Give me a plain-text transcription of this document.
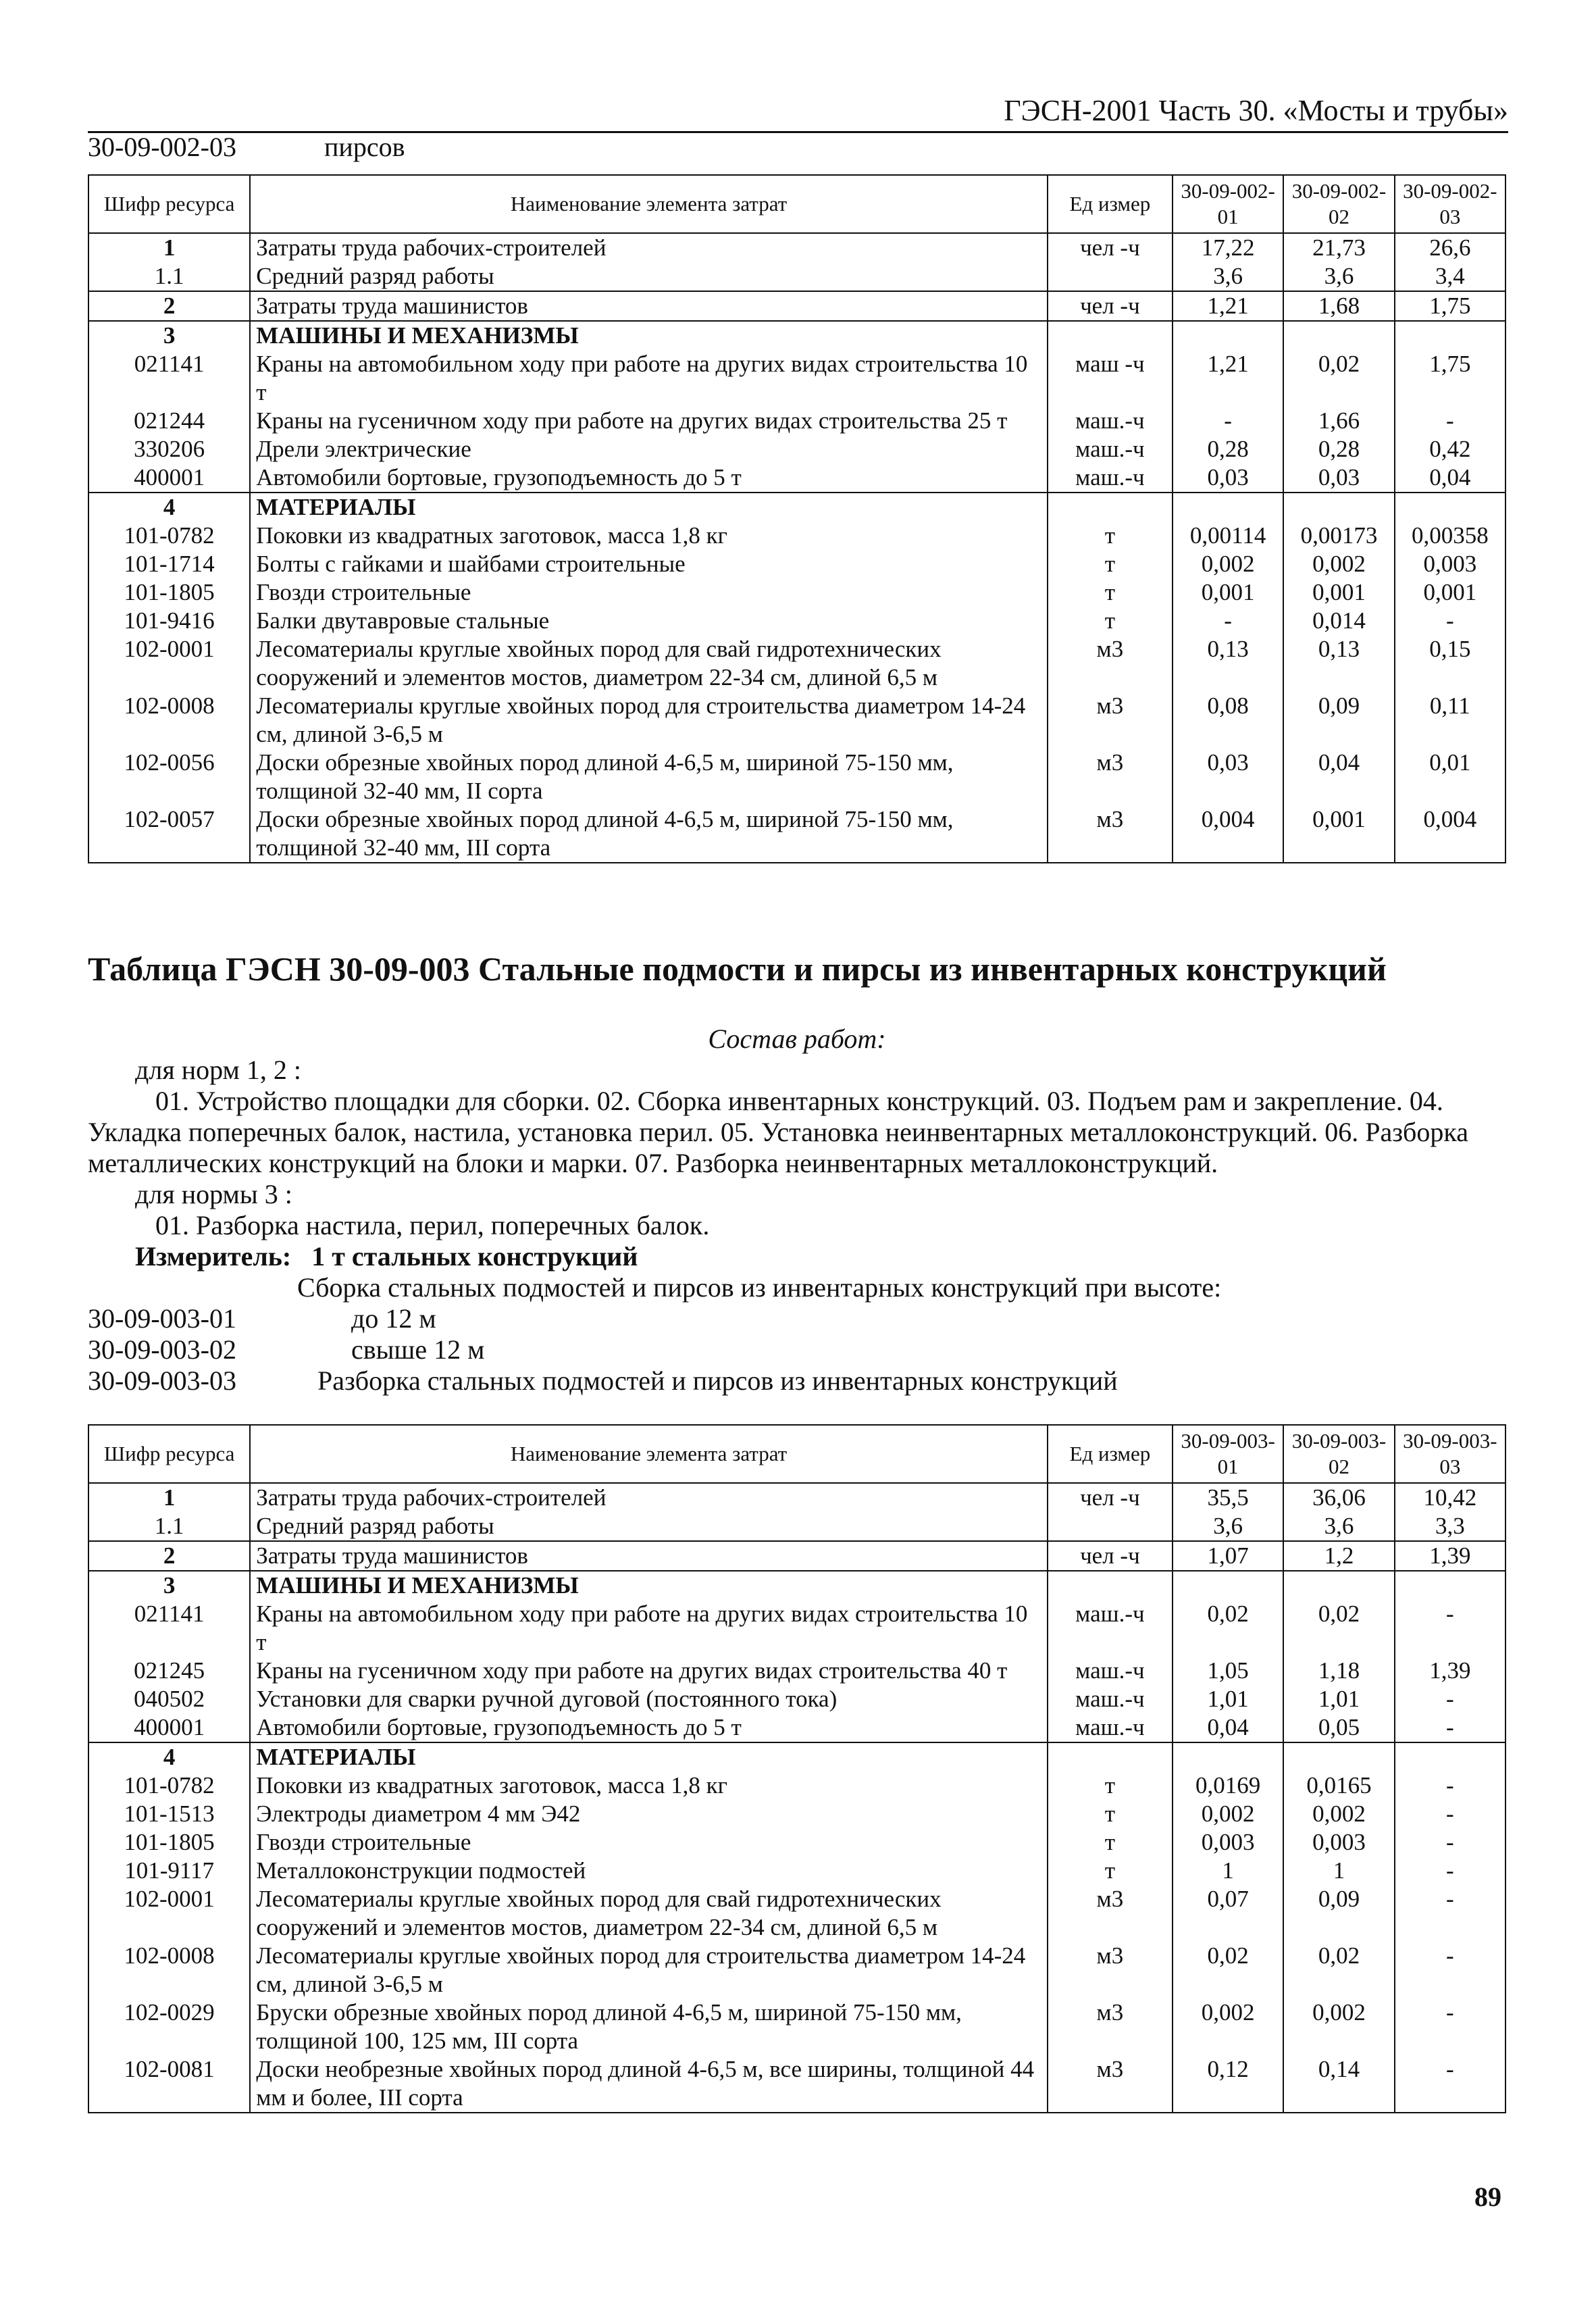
ГЭСН-2001 Часть 30. «Мосты и трубы»
30-09-002-03	пирсов
Шифр ресурса	Наименование элемента затрат	Ед измер	30-09-002-01	30-09-002-02	30-09-002-03
1	Затраты труда рабочих-строителей	чел -ч	17,22	21,73	26,6
1.1	Средний разряд работы		3,6	3,6	3,4
2	Затраты труда машинистов	чел -ч	1,21	1,68	1,75
3	МАШИНЫ И МЕХАНИЗМЫ				
021141	Краны на автомобильном ходу при работе на других видах строительства 10 т	маш -ч	1,21	0,02	1,75
021244	Краны на гусеничном ходу при работе на других видах строительства 25 т	маш.-ч	-	1,66	-
330206	Дрели электрические	маш.-ч	0,28	0,28	0,42
400001	Автомобили бортовые, грузоподъемность до 5 т	маш.-ч	0,03	0,03	0,04
4	МАТЕРИАЛЫ				
101-0782	Поковки из квадратных заготовок, масса 1,8 кг	т	0,00114	0,00173	0,00358
101-1714	Болты с гайками и шайбами строительные	т	0,002	0,002	0,003
101-1805	Гвозди строительные	т	0,001	0,001	0,001
101-9416	Балки двутавровые стальные	т	-	0,014	-
102-0001	Лесоматериалы круглые хвойных пород для свай гидротехнических сооружений и элементов мостов, диаметром 22-34 см, длиной 6,5 м	м3	0,13	0,13	0,15
102-0008	Лесоматериалы круглые хвойных пород для строительства диаметром 14-24 см, длиной 3-6,5 м	м3	0,08	0,09	0,11
102-0056	Доски обрезные хвойных пород длиной 4-6,5 м, шириной 75-150 мм, толщиной 32-40 мм, II сорта	м3	0,03	0,04	0,01
102-0057	Доски обрезные хвойных пород длиной 4-6,5 м, шириной 75-150 мм, толщиной 32-40 мм, III сорта	м3	0,004	0,001	0,004
Таблица ГЭСН 30-09-003 Стальные подмости и пирсы из инвентарных конструкций

Состав работ:

для норм 1, 2 :

01. Устройство площадки для сборки. 02. Сборка инвентарных конструкций. 03. Подъем рам и закрепление. 04. Укладка поперечных балок, настила, установка перил. 05. Установка неинвентарных металлоконструкций. 06. Разборка металлических конструкций на блоки и марки. 07. Разборка неинвентарных металлоконструкций.

для нормы 3 :

01. Разборка настила, перил, поперечных балок.

Измеритель: 1 т стальных конструкций

Сборка стальных подмостей и пирсов из инвентарных конструкций при высоте:

30-09-003-01	до 12 м

30-09-003-02	свыше 12 м

30-09-003-03	Разборка стальных подмостей и пирсов из инвентарных конструкций

Шифр ресурса	Наименование элемента затрат	Ед измер	30-09-003-01	30-09-003-02	30-09-003-03
1	Затраты труда рабочих-строителей	чел -ч	35,5	36,06	10,42
1.1	Средний разряд работы		3,6	3,6	3,3
2	Затраты труда машинистов	чел -ч	1,07	1,2	1,39
3	МАШИНЫ И МЕХАНИЗМЫ				
021141	Краны на автомобильном ходу при работе на других видах строительства 10 т	маш.-ч	0,02	0,02	-
021245	Краны на гусеничном ходу при работе на других видах строительства 40 т	маш.-ч	1,05	1,18	1,39
040502	Установки для сварки ручной дуговой (постоянного тока)	маш.-ч	1,01	1,01	-
400001	Автомобили бортовые, грузоподъемность до 5 т	маш.-ч	0,04	0,05	-
4	МАТЕРИАЛЫ				
101-0782	Поковки из квадратных заготовок, масса 1,8 кг	т	0,0169	0,0165	-
101-1513	Электроды диаметром 4 мм Э42	т	0,002	0,002	-
101-1805	Гвозди строительные	т	0,003	0,003	-
101-9117	Металлоконструкции подмостей	т	1	1	-
102-0001	Лесоматериалы круглые хвойных пород для свай гидротехнических сооружений и элементов мостов, диаметром 22-34 см, длиной 6,5 м	м3	0,07	0,09	-
102-0008	Лесоматериалы круглые хвойных пород для строительства диаметром 14-24 см, длиной 3-6,5 м	м3	0,02	0,02	-
102-0029	Бруски обрезные хвойных пород длиной 4-6,5 м, шириной 75-150 мм, толщиной 100, 125 мм, III сорта	м3	0,002	0,002	-
102-0081	Доски необрезные хвойных пород длиной 4-6,5 м, все ширины, толщиной 44 мм и более, III сорта	м3	0,12	0,14	-
89
